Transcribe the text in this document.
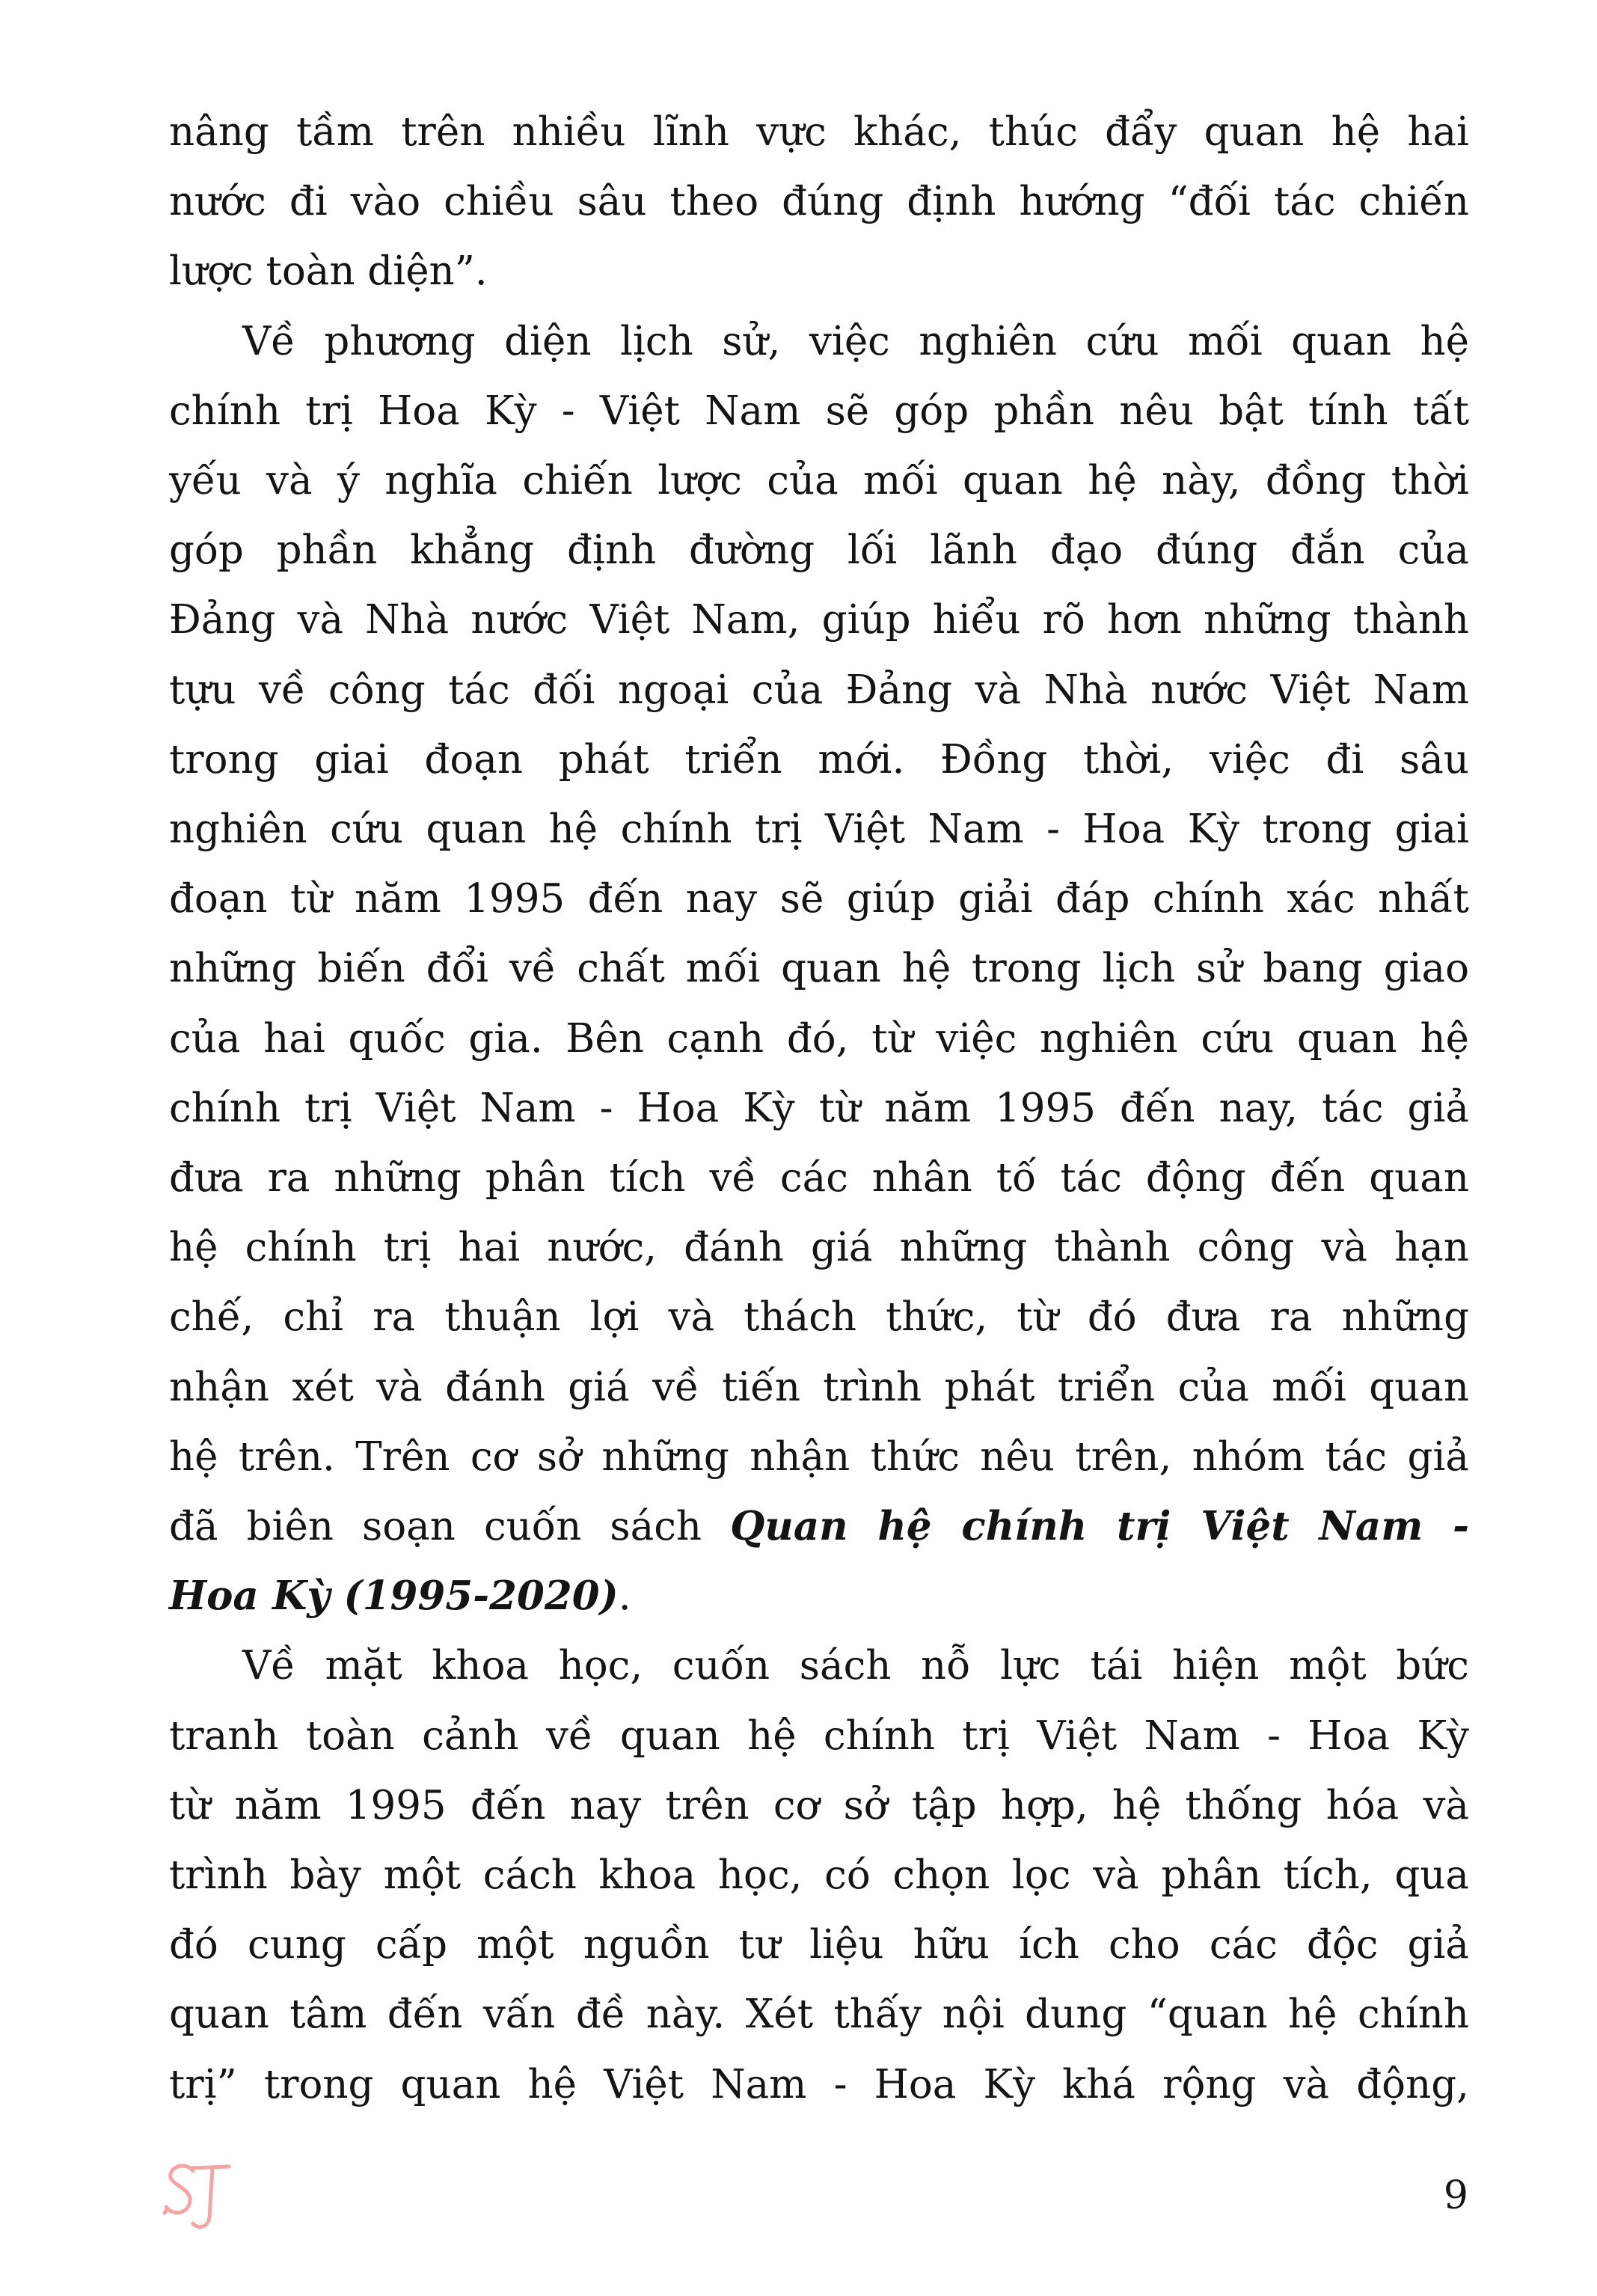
nâng tầm trên nhiều lĩnh vực khác, thúc đẩy quan hệ hai
nước đi vào chiều sâu theo đúng định hướng “đối tác chiến
lược toàn diện”.

Về phương diện lịch sử, việc nghiên cứu mối quan hệ
chính trị Hoa Kỳ - Việt Nam sẽ góp phần nêu bật tính tất
yếu và ý nghĩa chiến lược của mối quan hệ này, đồng thời
góp phần khẳng định đường lối lãnh đạo đúng đắn của
Đảng và Nhà nước Việt Nam, giúp hiểu rõ hơn những thành
tựu về công tác đối ngoại của Đảng và Nhà nước Việt Nam
trong giai đoạn phát triển mới. Đồng thời, việc đi sâu
nghiên cứu quan hệ chính trị Việt Nam - Hoa Kỳ trong giai
đoạn từ năm 1995 đến nay sẽ giúp giải đáp chính xác nhất
những biến đổi về chất mối quan hệ trong lịch sử bang giao
của hai quốc gia. Bên cạnh đó, từ việc nghiên cứu quan hệ
chính trị Việt Nam - Hoa Kỳ từ năm 1995 đến nay, tác giả
đưa ra những phân tích về các nhân tố tác động đến quan
hệ chính trị hai nước, đánh giá những thành công và hạn
chế, chỉ ra thuận lợi và thách thức, từ đó đưa ra những
nhận xét và đánh giá về tiến trình phát triển của mối quan
hệ trên. Trên cơ sở những nhận thức nêu trên, nhóm tác giả
đã biên soạn cuốn sách Quan hệ chính trị Việt Nam -
Hoa Kỳ (1995-2020).

Về mặt khoa học, cuốn sách nỗ lực tái hiện một bức
tranh toàn cảnh về quan hệ chính trị Việt Nam - Hoa Kỳ
từ năm 1995 đến nay trên cơ sở tập hợp, hệ thống hóa và
trình bày một cách khoa học, có chọn lọc và phân tích, qua
đó cung cấp một nguồn tư liệu hữu ích cho các độc giả
quan tâm đến vấn đề này. Xét thấy nội dung “quan hệ chính
trị” trong quan hệ Việt Nam - Hoa Kỳ khá rộng và động,

9
